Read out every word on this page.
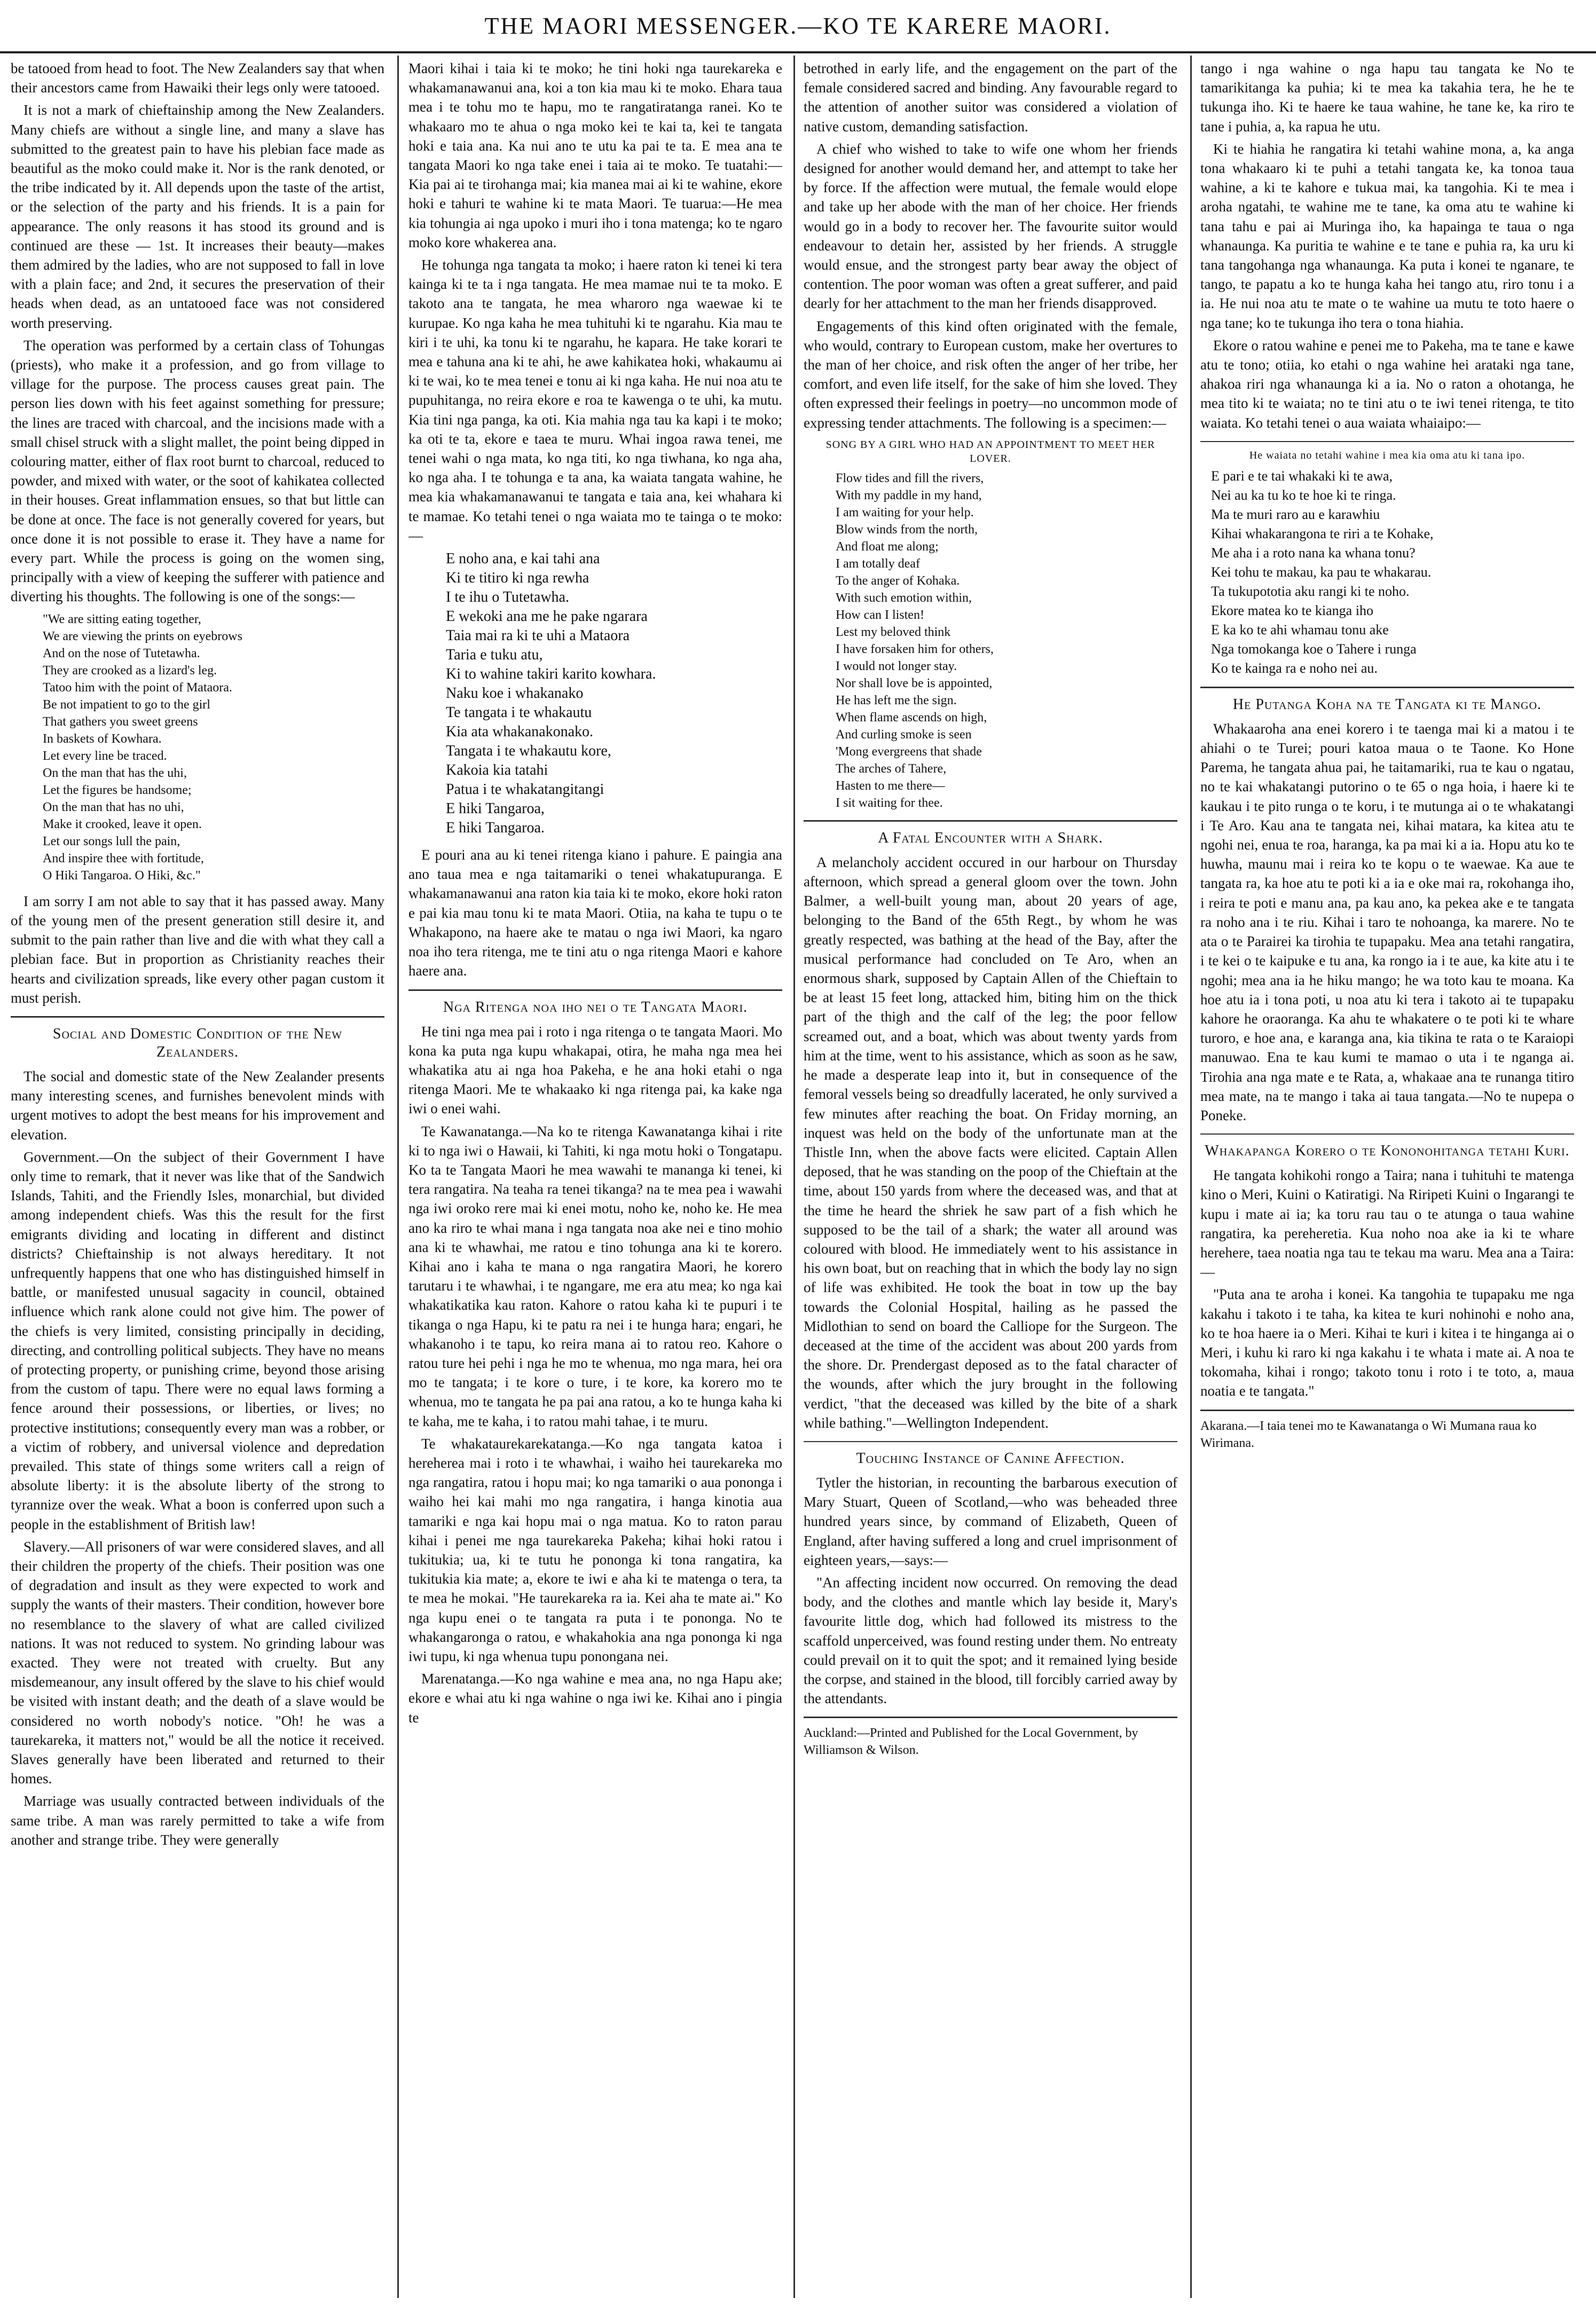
THE MAORI MESSENGER.—KO TE KARERE MAORI.

be tatooed from head to foot. The New Zealanders say that when their ancestors came from Hawaiki their legs only were tatooed.

It is not a mark of chieftainship among the New Zealanders. Many chiefs are without a single line, and many a slave has submitted to the greatest pain to have his plebian face made as beautiful as the moko could make it. Nor is the rank denoted, or the tribe indicated by it. All depends upon the taste of the artist, or the selection of the party and his friends. It is a pain for appearance. The only reasons it has stood its ground and is continued are these — 1st. It increases their beauty—makes them admired by the ladies, who are not supposed to fall in love with a plain face; and 2nd, it secures the preservation of their heads when dead, as an untatooed face was not considered worth preserving.

The operation was performed by a certain class of Tohungas (priests), who make it a profession, and go from village to village for the purpose. The process causes great pain. The person lies down with his feet against something for pressure; the lines are traced with charcoal, and the incisions made with a small chisel struck with a slight mallet, the point being dipped in colouring matter, either of flax root burnt to charcoal, reduced to powder, and mixed with water, or the soot of kahikatea collected in their houses. Great inflammation ensues, so that but little can be done at once. The face is not generally covered for years, but once done it is not possible to erase it. They have a name for every part. While the process is going on the women sing, principally with a view of keeping the sufferer with patience and diverting his thoughts. The following is one of the songs:—

"We are sitting eating together,
We are viewing the prints on eyebrows
And on the nose of Tutetawha.
They are crooked as a lizard's leg.
Tatoo him with the point of Mataora.
Be not impatient to go to the girl
That gathers you sweet greens
In baskets of Kowhara.
Let every line be traced.
On the man that has the uhi,
Let the figures be handsome;
On the man that has no uhi,
Make it crooked, leave it open.
Let our songs lull the pain,
And inspire thee with fortitude,
O Hiki Tangaroa. O Hiki, &c."

I am sorry I am not able to say that it has passed away. Many of the young men of the present generation still desire it, and submit to the pain rather than live and die with what they call a plebian face. But in proportion as Christianity reaches their hearts and civilization spreads, like every other pagan custom it must perish.

Social and Domestic Condition of the New Zealanders.

The social and domestic state of the New Zealander presents many interesting scenes, and furnishes benevolent minds with urgent motives to adopt the best means for his improvement and elevation.

Government.—On the subject of their Government I have only time to remark, that it never was like that of the Sandwich Islands, Tahiti, and the Friendly Isles, monarchial, but divided among independent chiefs. Was this the result for the first emigrants dividing and locating in different and distinct districts? Chieftainship is not always hereditary. It not unfrequently happens that one who has distinguished himself in battle, or manifested unusual sagacity in council, obtained influence which rank alone could not give him. The power of the chiefs is very limited, consisting principally in deciding, directing, and controlling political subjects. They have no means of protecting property, or punishing crime, beyond those arising from the custom of tapu. There were no equal laws forming a fence around their possessions, or liberties, or lives; no protective institutions; consequently every man was a robber, or a victim of robbery, and universal violence and depredation prevailed. This state of things some writers call a reign of absolute liberty: it is the absolute liberty of the strong to tyrannize over the weak. What a boon is conferred upon such a people in the establishment of British law!

Slavery.—All prisoners of war were considered slaves, and all their children the property of the chiefs. Their position was one of degradation and insult as they were expected to work and supply the wants of their masters. Their condition, however bore no resemblance to the slavery of what are called civilized nations. It was not reduced to system. No grinding labour was exacted. They were not treated with cruelty. But any misdemeanour, any insult offered by the slave to his chief would be visited with instant death; and the death of a slave would be considered no worth nobody's notice. "Oh! he was a taurekareka, it matters not," would be all the notice it received. Slaves generally have been liberated and returned to their homes.

Marriage was usually contracted between individuals of the same tribe. A man was rarely permitted to take a wife from another and strange tribe. They were generally

Maori kihai i taia ki te moko; he tini hoki nga taurekareka e whakamanawanui ana, koi a ton kia mau ki te moko. Ehara taua mea i te tohu mo te hapu, mo te rangatiratanga ranei. Ko te whakaaro mo te ahua o nga moko kei te kai ta, kei te tangata hoki e taia ana. Ka nui ano te utu ka pai te ta. E mea ana te tangata Maori ko nga take enei i taia ai te moko. Te tuatahi:—Kia pai ai te tirohanga mai; kia manea mai ai ki te wahine, ekore hoki e tahuri te wahine ki te mata Maori. Te tuarua:—He mea kia tohungia ai nga upoko i muri iho i tona matenga; ko te ngaro moko kore whakerea ana.

He tohunga nga tangata ta moko; i haere raton ki tenei ki tera kainga ki te ta i nga tangata. He mea mamae nui te ta moko. E takoto ana te tangata, he mea wharoro nga waewae ki te kurupae. Ko nga kaha he mea tuhituhi ki te ngarahu. Kia mau te kiri i te uhi, ka tonu ki te ngarahu, he kapara. He take korari te mea e tahuna ana ki te ahi, he awe kahikatea hoki, whakaumu ai ki te wai, ko te mea tenei e tonu ai ki nga kaha. He nui noa atu te pupuhitanga, no reira ekore e roa te kawenga o te uhi, ka mutu. Kia tini nga panga, ka oti. Kia mahia nga tau ka kapi i te moko; ka oti te ta, ekore e taea te muru. Whai ingoa rawa tenei, me tenei wahi o nga mata, ko nga titi, ko nga tiwhana, ko nga aha, ko nga aha. I te tohunga e ta ana, ka waiata tangata wahine, he mea kia whakamanawanui te tangata e taia ana, kei whahara ki te mamae. Ko tetahi tenei o nga waiata mo te tainga o te moko:—

E noho ana, e kai tahi ana
Ki te titiro ki nga rewha
I te ihu o Tutetawha.
E wekoki ana me he pake ngarara
Taia mai ra ki te uhi a Mataora
Taria e tuku atu,
Ki to wahine takiri karito kowhara.
Naku koe i whakanako
Te tangata i te whakautu
Kia ata whakanakonako.
Tangata i te whakautu kore,
Kakoia kia tatahi
Patua i te whakatangitangi
E hiki Tangaroa,
E hiki Tangaroa.

E pouri ana au ki tenei ritenga kiano i pahure. E paingia ana ano taua mea e nga taitamariki o tenei whakatupuranga. E whakamanawanui ana raton kia taia ki te moko, ekore hoki raton e pai kia mau tonu ki te mata Maori. Otiia, na kaha te tupu o te Whakapono, na haere ake te matau o nga iwi Maori, ka ngaro noa iho tera ritenga, me te tini atu o nga ritenga Maori e kahore haere ana.

Nga Ritenga noa iho nei o te Tangata Maori.

He tini nga mea pai i roto i nga ritenga o te tangata Maori. Mo kona ka puta nga kupu whakapai, otira, he maha nga mea hei whakatika atu ai nga hoa Pakeha, e he ana hoki etahi o nga ritenga Maori. Me te whakaako ki nga ritenga pai, ka kake nga iwi o enei wahi.

Te Kawanatanga.—Na ko te ritenga Kawanatanga kihai i rite ki to nga iwi o Hawaii, ki Tahiti, ki nga motu hoki o Tongatapu. Ko ta te Tangata Maori he mea wawahi te mananga ki tenei, ki tera rangatira. Na teaha ra tenei tikanga? na te mea pea i wawahi nga iwi oroko rere mai ki enei motu, noho ke, noho ke. He mea ano ka riro te whai mana i nga tangata noa ake nei e tino mohio ana ki te whawhai, me ratou e tino tohunga ana ki te korero. Kihai ano i kaha te mana o nga rangatira Maori, he korero tarutaru i te whawhai, i te ngangare, me era atu mea; ko nga kai whakatikatika kau raton. Kahore o ratou kaha ki te pupuri i te tikanga o nga Hapu, ki te patu ra nei i te hunga hara; engari, he whakanoho i te tapu, ko reira mana ai to ratou reo. Kahore o ratou ture hei pehi i nga he mo te whenua, mo nga mara, hei ora mo te tangata; i te kore o ture, i te kore, ka korero mo te whenua, mo te tangata he pa pai ana ratou, a ko te hunga kaha ki te kaha, me te kaha, i to ratou mahi tahae, i te muru.

Te whakataurekarekatanga.—Ko nga tangata katoa i hereherea mai i roto i te whawhai, i waiho hei taurekareka mo nga rangatira, ratou i hopu mai; ko nga tamariki o aua pononga i waiho hei kai mahi mo nga rangatira, i hanga kinotia aua tamariki e nga kai hopu mai o nga matua. Ko to raton parau kihai i penei me nga taurekareka Pakeha; kihai hoki ratou i tukitukia; ua, ki te tutu he pononga ki tona rangatira, ka tukitukia kia mate; a, ekore te iwi e aha ki te matenga o tera, ta te mea he mokai. "He taurekareka ra ia. Kei aha te mate ai." Ko nga kupu enei o te tangata ra puta i te pononga. No te whakangaronga o ratou, e whakahokia ana nga pononga ki nga iwi tupu, ki nga whenua tupu ponongana nei.

Marenatanga.—Ko nga wahine e mea ana, no nga Hapu ake; ekore e whai atu ki nga wahine o nga iwi ke. Kihai ano i pingia te

betrothed in early life, and the engagement on the part of the female considered sacred and binding. Any favourable regard to the attention of another suitor was considered a violation of native custom, demanding satisfaction.

A chief who wished to take to wife one whom her friends designed for another would demand her, and attempt to take her by force. If the affection were mutual, the female would elope and take up her abode with the man of her choice. Her friends would go in a body to recover her. The favourite suitor would endeavour to detain her, assisted by her friends. A struggle would ensue, and the strongest party bear away the object of contention. The poor woman was often a great sufferer, and paid dearly for her attachment to the man her friends disapproved.

Engagements of this kind often originated with the female, who would, contrary to European custom, make her overtures to the man of her choice, and risk often the anger of her tribe, her comfort, and even life itself, for the sake of him she loved. They often expressed their feelings in poetry—no uncommon mode of expressing tender attachments. The following is a specimen:—

SONG BY A GIRL WHO HAD AN APPOINTMENT TO MEET HER LOVER.

Flow tides and fill the rivers,
With my paddle in my hand,
I am waiting for your help.
Blow winds from the north,
And float me along;
I am totally deaf
To the anger of Kohaka.
With such emotion within,
How can I listen!
Lest my beloved think
I have forsaken him for others,
I would not longer stay.
Nor shall love be is appointed,
He has left me the sign.
When flame ascends on high,
And curling smoke is seen
'Mong evergreens that shade
The arches of Tahere,
Hasten to me there—
I sit waiting for thee.

A Fatal Encounter with a Shark.

A melancholy accident occured in our harbour on Thursday afternoon, which spread a general gloom over the town. John Balmer, a well-built young man, about 20 years of age, belonging to the Band of the 65th Regt., by whom he was greatly respected, was bathing at the head of the Bay, after the musical performance had concluded on Te Aro, when an enormous shark, supposed by Captain Allen of the Chieftain to be at least 15 feet long, attacked him, biting him on the thick part of the thigh and the calf of the leg; the poor fellow screamed out, and a boat, which was about twenty yards from him at the time, went to his assistance, which as soon as he saw, he made a desperate leap into it, but in consequence of the femoral vessels being so dreadfully lacerated, he only survived a few minutes after reaching the boat. On Friday morning, an inquest was held on the body of the unfortunate man at the Thistle Inn, when the above facts were elicited. Captain Allen deposed, that he was standing on the poop of the Chieftain at the time, about 150 yards from where the deceased was, and that at the time he heard the shriek he saw part of a fish which he supposed to be the tail of a shark; the water all around was coloured with blood. He immediately went to his assistance in his own boat, but on reaching that in which the body lay no sign of life was exhibited. He took the boat in tow up the bay towards the Colonial Hospital, hailing as he passed the Midlothian to send on board the Calliope for the Surgeon. The deceased at the time of the accident was about 200 yards from the shore. Dr. Prendergast deposed as to the fatal character of the wounds, after which the jury brought in the following verdict, "that the deceased was killed by the bite of a shark while bathing."—Wellington Independent.

Touching Instance of Canine Affection.

Tytler the historian, in recounting the barbarous execution of Mary Stuart, Queen of Scotland,—who was beheaded three hundred years since, by command of Elizabeth, Queen of England, after having suffered a long and cruel imprisonment of eighteen years,—says:—

"An affecting incident now occurred. On removing the dead body, and the clothes and mantle which lay beside it, Mary's favourite little dog, which had followed its mistress to the scaffold unperceived, was found resting under them. No entreaty could prevail on it to quit the spot; and it remained lying beside the corpse, and stained in the blood, till forcibly carried away by the attendants.

Auckland:—Printed and Published for the Local Government, by Williamson & Wilson.

tango i nga wahine o nga hapu tau tangata ke No te tamarikitanga ka puhia; ki te mea ka takahia tera, he he te tukunga iho. Ki te haere ke taua wahine, he tane ke, ka riro te tane i puhia, a, ka rapua he utu.

Ki te hiahia he rangatira ki tetahi wahine mona, a, ka anga tona whakaaro ki te puhi a tetahi tangata ke, ka tonoa taua wahine, a ki te kahore e tukua mai, ka tangohia. Ki te mea i aroha ngatahi, te wahine me te tane, ka oma atu te wahine ki tana tahu e pai ai Muringa iho, ka hapainga te taua o nga whanaunga. Ka puritia te wahine e te tane e puhia ra, ka uru ki tana tangohanga nga whanaunga. Ka puta i konei te nganare, te tango, te papatu a ko te hunga kaha hei tango atu, riro tonu i a ia. He nui noa atu te mate o te wahine ua mutu te toto haere o nga tane; ko te tukunga iho tera o tona hiahia.

Ekore o ratou wahine e penei me to Pakeha, ma te tane e kawe atu te tono; otiia, ko etahi o nga wahine hei arataki nga tane, ahakoa riri nga whanaunga ki a ia. No o raton a ohotanga, he mea tito ki te waiata; no te tini atu o te iwi tenei ritenga, te tito waiata. Ko tetahi tenei o aua waiata whaiaipo:—

He waiata no tetahi wahine i mea kia oma atu ki tana ipo.

E pari e te tai whakaki ki te awa,
Nei au ka tu ko te hoe ki te ringa.
Ma te muri raro au e karawhiu
Kihai whakarangona te riri a te Kohake,
Me aha i a roto nana ka whana tonu?
Kei tohu te makau, ka pau te whakarau.
Ta tukupototia aku rangi ki te noho.
Ekore matea ko te kianga iho
E ka ko te ahi whamau tonu ake
Nga tomokanga koe o Tahere i runga
Ko te kainga ra e noho nei au.

He Putanga Koha na te Tangata ki te Mango.

Whakaaroha ana enei korero i te taenga mai ki a matou i te ahiahi o te Turei; pouri katoa maua o te Taone. Ko Hone Parema, he tangata ahua pai, he taitamariki, rua te kau o ngatau, no te kai whakatangi putorino o te 65 o nga hoia, i haere ki te kaukau i te pito runga o te koru, i te mutunga ai o te whakatangi i Te Aro. Kau ana te tangata nei, kihai matara, ka kitea atu te ngohi nei, enua te roa, haranga, ka pa mai ki a ia. Hopu atu ko te huwha, maunu mai i reira ko te kopu o te waewae. Ka aue te tangata ra, ka hoe atu te poti ki a ia e oke mai ra, rokohanga iho, i reira te poti e manu ana, pa kau ano, ka pekea ake e te tangata ra noho ana i te riu. Kihai i taro te nohoanga, ka marere. No te ata o te Parairei ka tirohia te tupapaku. Mea ana tetahi rangatira, i te kei o te kaipuke e tu ana, ka rongo ia i te aue, ka kite atu i te ngohi; mea ana ia he hiku mango; he wa toto kau te moana. Ka hoe atu ia i tona poti, u noa atu ki tera i takoto ai te tupapaku kahore he oraoranga. Ka ahu te whakatere o te poti ki te whare turoro, e hoe ana, e karanga ana, kia tikina te rata o te Karaiopi manuwao. Ena te kau kumi te mamao o uta i te nganga ai. Tirohia ana nga mate e te Rata, a, whakaae ana te runanga titiro mea mate, na te mango i taka ai taua tangata.—No te nupepa o Poneke.

Whakapanga Korero o te Kononohitanga tetahi Kuri.

He tangata kohikohi rongo a Taira; nana i tuhituhi te matenga kino o Meri, Kuini o Katiratigi. Na Riripeti Kuini o Ingarangi te kupu i mate ai ia; ka toru rau tau o te atunga o taua wahine rangatira, ka pereheretia. Kua noho noa ake ia ki te whare herehere, taea noatia nga tau te tekau ma waru. Mea ana a Taira:—

"Puta ana te aroha i konei. Ka tangohia te tupapaku me nga kakahu i takoto i te taha, ka kitea te kuri nohinohi e noho ana, ko te hoa haere ia o Meri. Kihai te kuri i kitea i te hinganga ai o Meri, i kuhu ki raro ki nga kakahu i te whata i mate ai. A noa te tokomaha, kihai i rongo; takoto tonu i roto i te toto, a, maua noatia e te tangata."

Akarana.—I taia tenei mo te Kawanatanga o Wi Mumana raua ko Wirimana.
